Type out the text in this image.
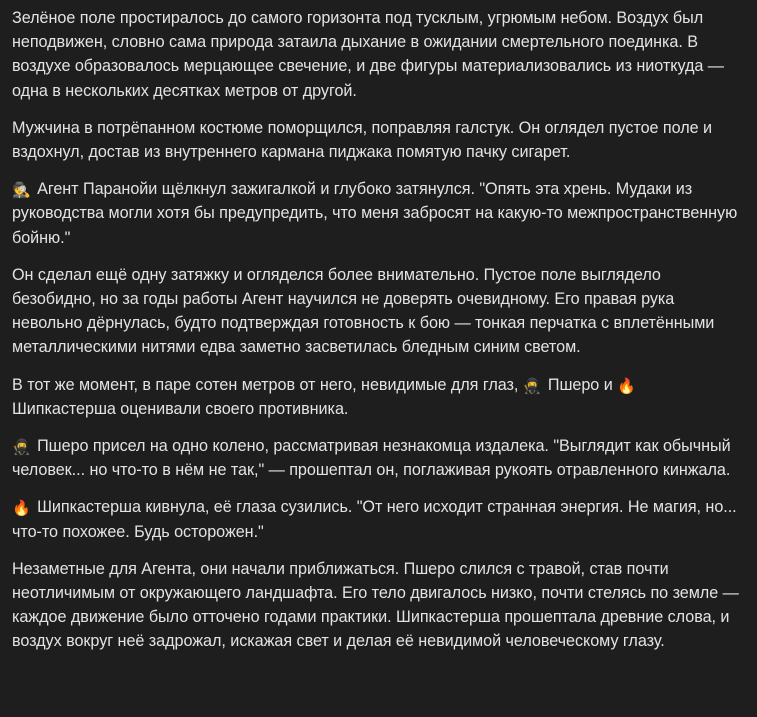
Зелёное поле простиралось до самого горизонта под тусклым, угрюмым небом. Воздух был неподвижен, словно сама природа затаила дыхание в ожидании смертельного поединка. В воздухе образовалось мерцающее свечение, и две фигуры материализовались из ниоткуда — одна в нескольких десятках метров от другой.

Мужчина в потрёпанном костюме поморщился, поправляя галстук. Он оглядел пустое поле и вздохнул, достав из внутреннего кармана пиджака помятую пачку сигарет.

🕵 Агент Паранойи щёлкнул зажигалкой и глубоко затянулся. "Опять эта хрень. Мудаки из руководства могли хотя бы предупредить, что меня забросят на какую-то межпространственную бойню."

Он сделал ещё одну затяжку и огляделся более внимательно. Пустое поле выглядело безобидно, но за годы работы Агент научился не доверять очевидному. Его правая рука невольно дёрнулась, будто подтверждая готовность к бою — тонкая перчатка с вплетёнными металлическими нитями едва заметно засветилась бледным синим светом.

В тот же момент, в паре сотен метров от него, невидимые для глаз, 🥷 Пшеро и 🔥 Шипкастерша оценивали своего противника.

🥷 Пшеро присел на одно колено, рассматривая незнакомца издалека. "Выглядит как обычный человек... но что-то в нём не так," — прошептал он, поглаживая рукоять отравленного кинжала.

🔥 Шипкастерша кивнула, её глаза сузились. "От него исходит странная энергия. Не магия, но... что-то похожее. Будь осторожен."

Незаметные для Агента, они начали приближаться. Пшеро слился с травой, став почти неотличимым от окружающего ландшафта. Его тело двигалось низко, почти стелясь по земле — каждое движение было отточено годами практики. Шипкастерша прошептала древние слова, и воздух вокруг неё задрожал, искажая свет и делая её невидимой человеческому глазу.
